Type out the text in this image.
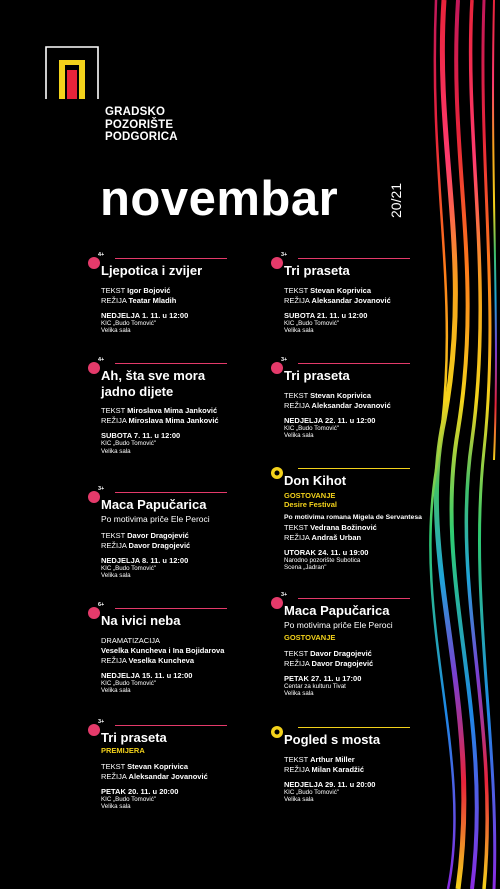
GRADSKO
POZORIŠTE
PODGORICA
novembar	20/21
Ljepotica i zvijer
TEKST Igor Bojović
REŽIJA Teatar Mladih
NEDJELJA 1. 11. u 12:00
KIC „Budo Tomović"
Velika sala
4+
Ah, šta sve mora jadno dijete
TEKST Miroslava Mima Janković
REŽIJA Miroslava Mima Janković
SUBOTA 7. 11. u 12:00
KIC „Budo Tomović"
Velika sala
4+
Maca Papučarica
Po motivima priče Ele Peroci
TEKST Davor Dragojević
REŽIJA Davor Dragojević
NEDJELJA 8. 11. u 12:00
KIC „Budo Tomović"
Velika sala
3+
Na ivici neba
DRAMATIZACIJA
Veselka Kuncheva i Ina Bojidarova
REŽIJA Veselka Kuncheva
NEDJELJA 15. 11. u 12:00
KIC „Budo Tomović"
Velika sala
6+
Tri praseta
PREMIJERA
TEKST Stevan Koprivica
REŽIJA Aleksandar Jovanović
PETAK 20. 11. u 20:00
KIC „Budo Tomović"
Velika sala
3+
Tri praseta
TEKST Stevan Koprivica
REŽIJA Aleksandar Jovanović
SUBOTA 21. 11. u 12:00
KIC „Budo Tomović"
Velika sala
3+
Tri praseta
TEKST Stevan Koprivica
REŽIJA Aleksandar Jovanović
NEDJELJA 22. 11. u 12:00
KIC „Budo Tomović"
Velika sala
3+
Don Kihot
GOSTOVANJE
Desire Festival
Po motivima romana Migela de Servantesa
TEKST Vedrana Božinović
REŽIJA Andraš Urban
UTORAK 24. 11. u 19:00
Narodno pozorište Subotica
Scena „Jadran"
Maca Papučarica
Po motivima priče Ele Peroci
GOSTOVANJE
TEKST Davor Dragojević
REŽIJA Davor Dragojević
PETAK 27. 11. u 17:00
Centar za kulturu Tivat
Velika sala
3+
Pogled s mosta
TEKST Arthur Miller
REŽIJA Milan Karadžić
NEDJELJA 29. 11. u 20:00
KIC „Budo Tomović"
Velika sala
